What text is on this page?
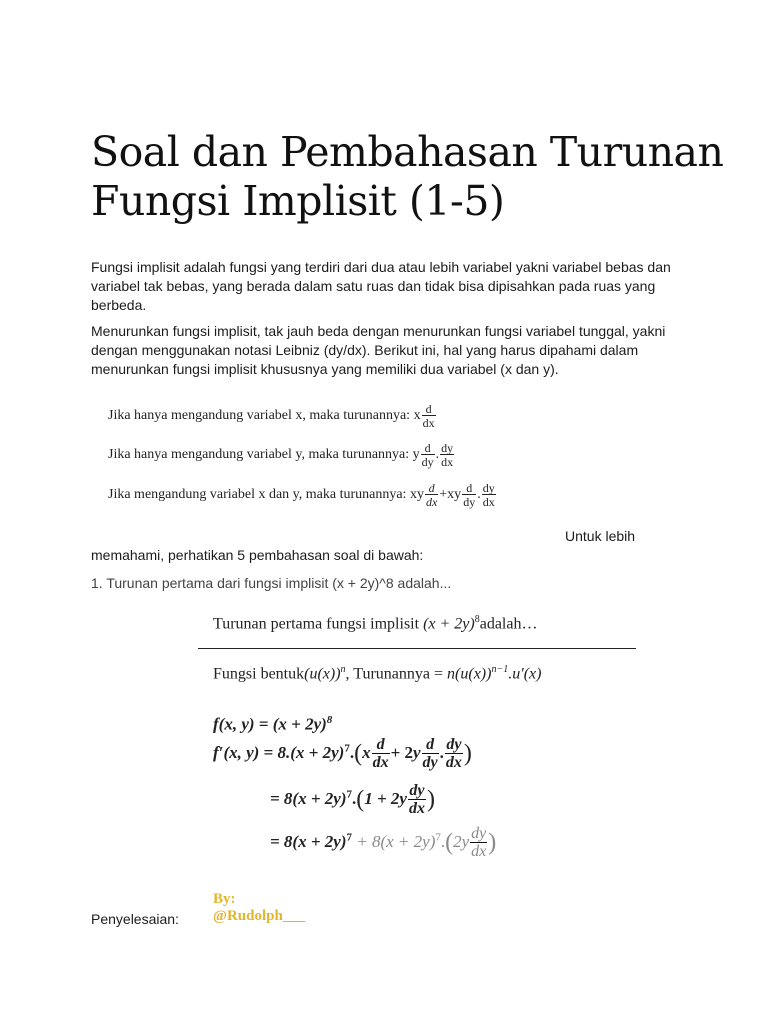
Soal dan Pembahasan Turunan Fungsi Implisit (1-5)

Fungsi implisit adalah fungsi yang terdiri dari dua atau lebih variabel yakni variabel bebas dan variabel tak bebas, yang berada dalam satu ruas dan tidak bisa dipisahkan pada ruas yang berbeda.

Menurunkan fungsi implisit, tak jauh beda dengan menurunkan fungsi variabel tunggal, yakni dengan menggunakan notasi Leibniz (dy/dx). Berikut ini, hal yang harus dipahami dalam menurunkan fungsi implisit khususnya yang memiliki dua variabel (x dan y).

Jika hanya mengandung variabel x, maka turunannya: x $\frac{d}{dx}$
Jika hanya mengandung variabel y, maka turunannya: y $\frac{d}{dy}$ . $\frac{dy}{dx}$
Jika mengandung variabel x dan y, maka turunannya: xy $\frac{d}{dx} +xy \frac{d}{dy}$ . $\frac{dy}{dx}$

Untuk lebih

memahami, perhatikan 5 pembahasan soal di bawah:

1. Turunan pertama dari fungsi implisit (x + 2y)^8 adalah...

Turunan pertama fungsi implisit $(x + 2y)^8adalah\dots$
Fungsi $bentuk(u(x))^n$, Turunannya = $n(u(x))^{n-1}.u'(x)$
f(x, $y) = (x + 2y)^8$
f′(x, $y) = 8.(x + 2y)^7.(x \frac{d}{dx} + 2y \frac{d}{dy}$ . $\frac{dy}{dx}$ )
= $8(x + 2y)^7.(1 + 2y \frac{dy}{dx}$ )
= $8(x + 2y)^7 + 8(x + 2y)^7.(2y \frac{dy}{dx}$ )
By: @Rudolph___

Penyelesaian:
